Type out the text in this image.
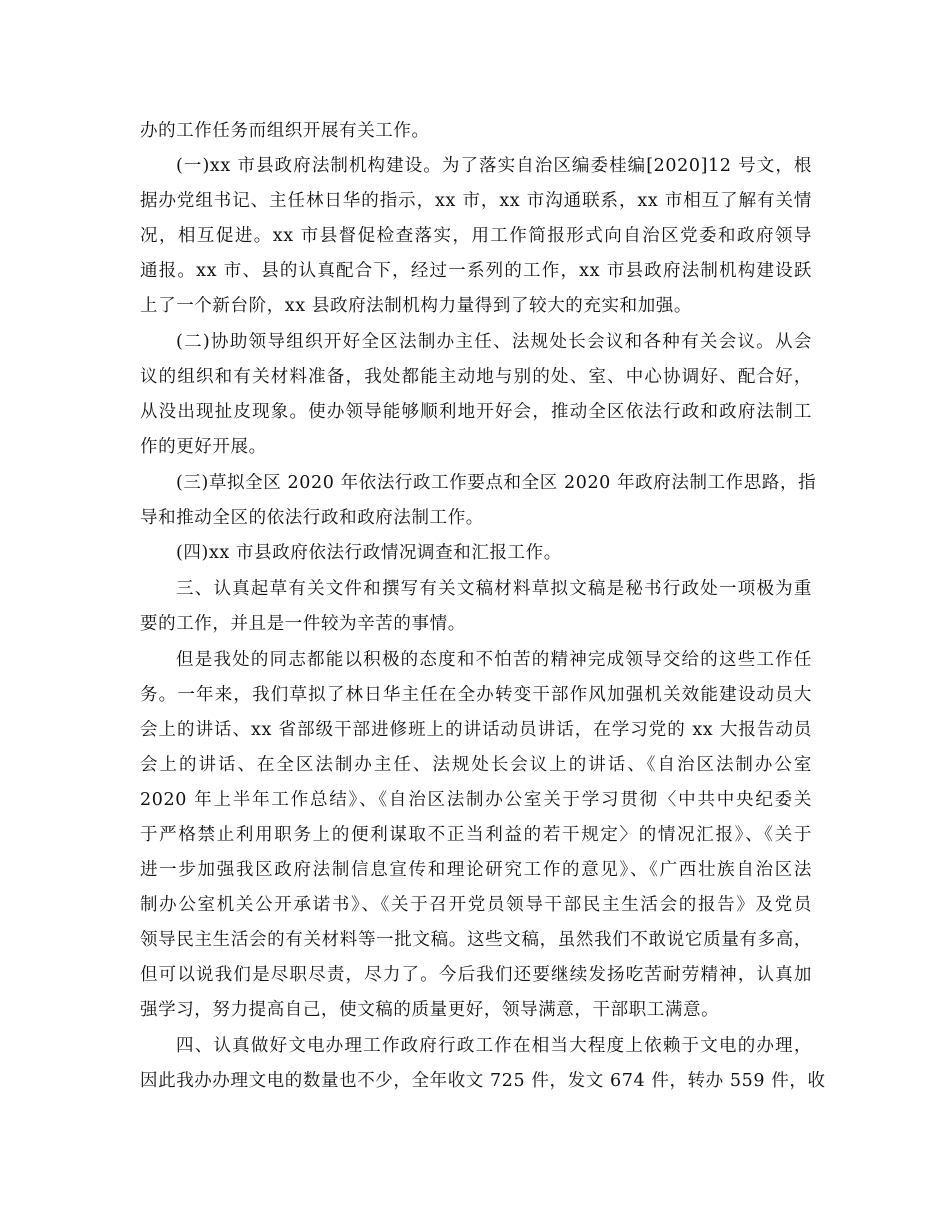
办的工作任务而组织开展有关工作。
(一)xx 市县政府法制机构建设。为了落实自治区编委桂编[2020]12 号文，根
据办党组书记、主任林日华的指示，xx 市，xx 市沟通联系，xx 市相互了解有关情
况，相互促进。xx 市县督促检查落实，用工作简报形式向自治区党委和政府领导
通报。xx 市、县的认真配合下，经过一系列的工作，xx 市县政府法制机构建设跃
上了一个新台阶，xx 县政府法制机构力量得到了较大的充实和加强。
(二)协助领导组织开好全区法制办主任、法规处长会议和各种有关会议。从会
议的组织和有关材料准备，我处都能主动地与别的处、室、中心协调好、配合好，
从没出现扯皮现象。使办领导能够顺利地开好会，推动全区依法行政和政府法制工
作的更好开展。
(三)草拟全区 2020 年依法行政工作要点和全区 2020 年政府法制工作思路，指
导和推动全区的依法行政和政府法制工作。
(四)xx 市县政府依法行政情况调查和汇报工作。
三、认真起草有关文件和撰写有关文稿材料草拟文稿是秘书行政处一项极为重
要的工作，并且是一件较为辛苦的事情。
但是我处的同志都能以积极的态度和不怕苦的精神完成领导交给的这些工作任
务。一年来，我们草拟了林日华主任在全办转变干部作风加强机关效能建设动员大
会上的讲话、xx 省部级干部进修班上的讲话动员讲话，在学习党的 xx 大报告动员
会上的讲话、在全区法制办主任、法规处长会议上的讲话、《自治区法制办公室
2020 年上半年工作总结》、《自治区法制办公室关于学习贯彻〈中共中央纪委关
于严格禁止利用职务上的便利谋取不正当利益的若干规定〉的情况汇报》、《关于
进一步加强我区政府法制信息宣传和理论研究工作的意见》、《广西壮族自治区法
制办公室机关公开承诺书》、《关于召开党员领导干部民主生活会的报告》及党员
领导民主生活会的有关材料等一批文稿。这些文稿，虽然我们不敢说它质量有多高，
但可以说我们是尽职尽责，尽力了。今后我们还要继续发扬吃苦耐劳精神，认真加
强学习，努力提高自己，使文稿的质量更好，领导满意，干部职工满意。
四、认真做好文电办理工作政府行政工作在相当大程度上依赖于文电的办理，
因此我办办理文电的数量也不少，全年收文 725 件，发文 674 件，转办 559 件，收
